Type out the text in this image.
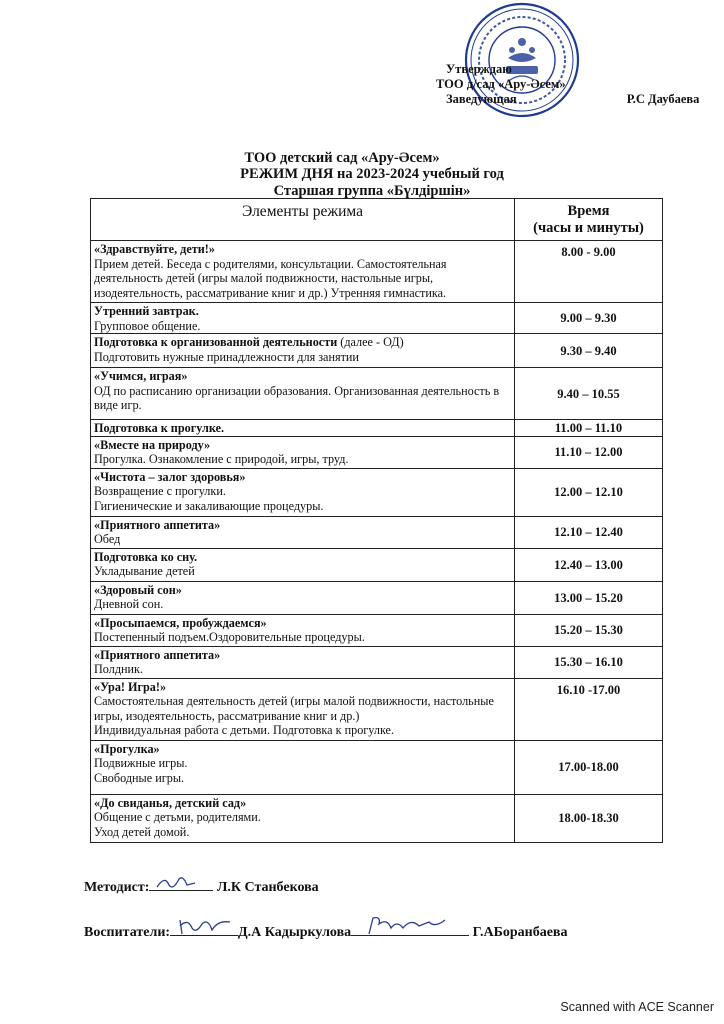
Утверждаю
ТОО д/сад «Ару-Әсем»
Заведующая	Р.С Даубаева
ТОО детский сад «Ару-Әсем»
РЕЖИМ ДНЯ на 2023-2024 учебный год
Старшая группа «Бүлдіршін»
Элементы режима	Время
(часы и минуты)

«Здравствуйте, дети!»
Прием детей. Беседа с родителями, консультации. Самостоятельная деятельность детей (игры малой подвижности, настольные игры, изодеятельность, рассматривание книг и др.) Утренняя гимнастика.	8.00 - 9.00

Утренний завтрак.
Групповое общение.	9.00 – 9.30

Подготовка к организованной деятельности (далее - ОД)
Подготовить нужные принадлежности для занятии	9.30 – 9.40

«Учимся, играя»
ОД по расписанию организации образования. Организованная деятельность в виде игр.	9.40 – 10.55

Подготовка к прогулке.	11.00 – 11.10

«Вместе на природу»
Прогулка. Ознакомление с природой, игры, труд.	11.10 – 12.00

«Чистота – залог здоровья»
Возвращение с прогулки.
Гигиенические и закаливающие процедуры.	12.00 – 12.10

«Приятного аппетита»
Обед	12.10 – 12.40

Подготовка ко сну.
Укладывание детей	12.40 – 13.00

«Здоровый сон»
Дневной сон.	13.00 – 15.20

«Просыпаемся, пробуждаемся»
Постепенный подъем.Оздоровительные процедуры.	15.20 – 15.30

«Приятного аппетита»
Полдник.	15.30 – 16.10

«Ура! Игра!»
Самостоятельная деятельность детей (игры малой подвижности, настольные игры, изодеятельность, рассматривание книг и др.)
Индивидуальная работа с детьми. Подготовка к прогулке.	16.10 -17.00

«Прогулка»
Подвижные игры.
Свободные игры.	17.00-18.00

«До свиданья, детский сад»
Общение с детьми, родителями.
Уход детей домой.	18.00-18.30
Методист:	Л.К Станбекова
Воспитатели:	Д.А Кадыркулова	Г.АБоранбаева
Scanned with ACE Scanner
